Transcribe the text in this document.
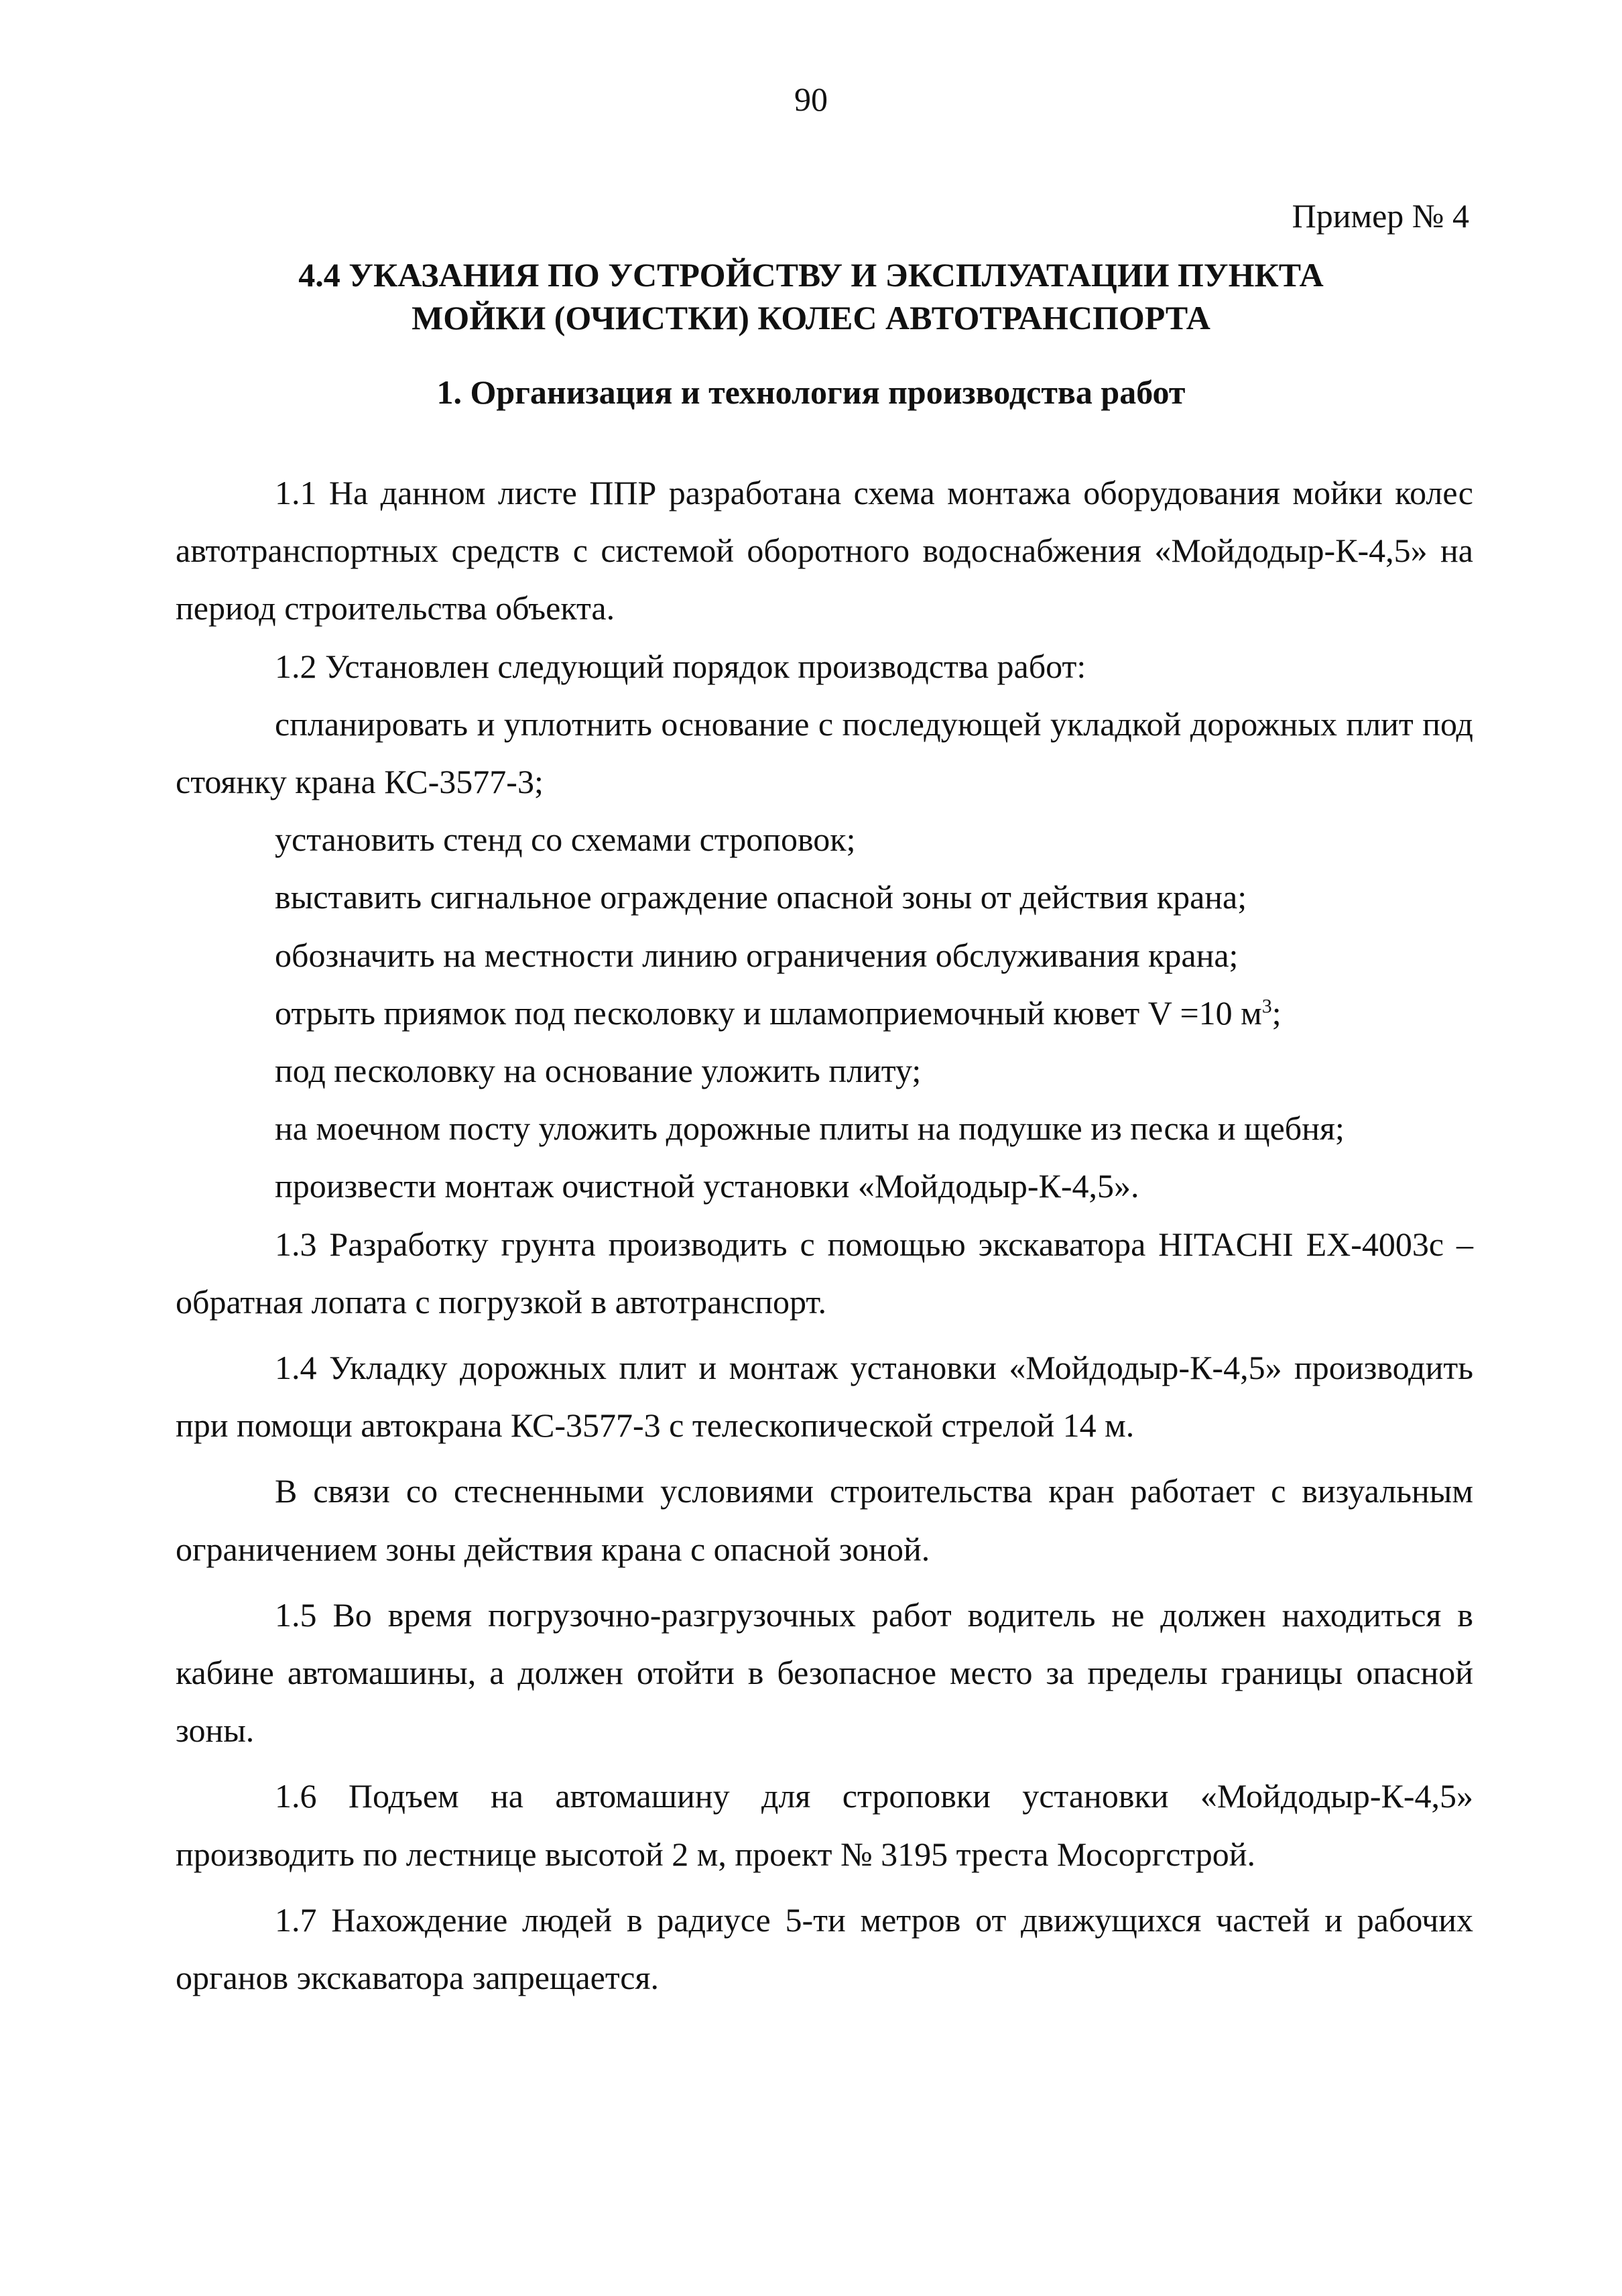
90
Пример № 4
4.4 УКАЗАНИЯ ПО УСТРОЙСТВУ И ЭКСПЛУАТАЦИИ ПУНКТА
МОЙКИ (ОЧИСТКИ) КОЛЕС АВТОТРАНСПОРТА
1. Организация и технология производства работ

1.1 На данном листе ППР разработана схема монтажа оборудования мойки колес автотранспортных средств с системой оборотного водоснабжения «Мойдодыр-К-4,5» на период строительства объекта.

1.2 Установлен следующий порядок производства работ:

спланировать и уплотнить основание с последующей укладкой дорожных плит под стоянку крана КС-3577-3;

установить стенд со схемами строповок;

выставить сигнальное ограждение опасной зоны от действия крана;

обозначить на местности линию ограничения обслуживания крана;

отрыть приямок под песколовку и шламоприемочный кювет V =10 $м^3$;

под песколовку на основание уложить плиту;

на моечном посту уложить дорожные плиты на подушке из песка и щебня;

произвести монтаж очистной установки «Мойдодыр-К-4,5».

1.3 Разработку грунта производить с помощью экскаватора HITACHI EX-4003с – обратная лопата с погрузкой в автотранспорт.

1.4 Укладку дорожных плит и монтаж установки «Мойдодыр-К-4,5» производить при помощи автокрана КС-3577-3 с телескопической стрелой 14 м.

В связи со стесненными условиями строительства кран работает с визуальным ограничением зоны действия крана с опасной зоной.

1.5 Во время погрузочно-разгрузочных работ водитель не должен находиться в кабине автомашины, а должен отойти в безопасное место за пределы границы опасной зоны.

1.6 Подъем на автомашину для строповки установки «Мойдодыр-К-4,5» производить по лестнице высотой 2 м, проект № 3195 треста Мосоргстрой.

1.7 Нахождение людей в радиусе 5-ти метров от движущихся частей и рабочих органов экскаватора запрещается.
